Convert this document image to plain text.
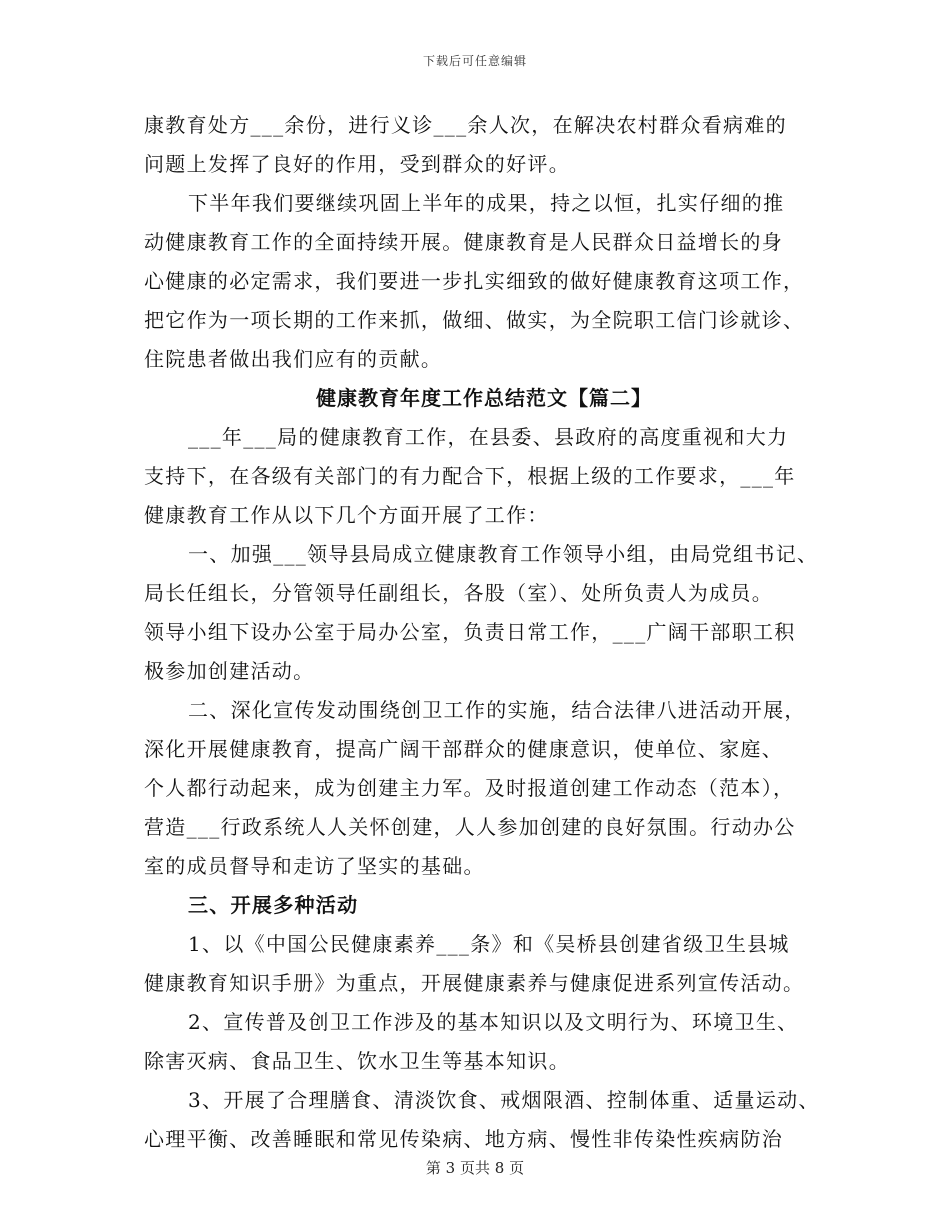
下载后可任意编辑
康教育处方___余份，进行义诊___余人次，在解决农村群众看病难的
问题上发挥了良好的作用，受到群众的好评。
下半年我们要继续巩固上半年的成果，持之以恒，扎实仔细的推
动健康教育工作的全面持续开展。健康教育是人民群众日益增长的身
心健康的必定需求，我们要进一步扎实细致的做好健康教育这项工作，
把它作为一项长期的工作来抓，做细、做实，为全院职工信门诊就诊、
住院患者做出我们应有的贡献。
健康教育年度工作总结范文【篇二】
___年___局的健康教育工作，在县委、县政府的高度重视和大力
支持下，在各级有关部门的有力配合下，根据上级的工作要求，___年
健康教育工作从以下几个方面开展了工作：
一、加强___领导县局成立健康教育工作领导小组，由局党组书记、
局长任组长，分管领导任副组长，各股（室）、处所负责人为成员。
领导小组下设办公室于局办公室，负责日常工作，___广阔干部职工积
极参加创建活动。
二、深化宣传发动围绕创卫工作的实施，结合法律八进活动开展，
深化开展健康教育，提高广阔干部群众的健康意识，使单位、家庭、
个人都行动起来，成为创建主力军。及时报道创建工作动态（范本），
营造___行政系统人人关怀创建，人人参加创建的良好氛围。行动办公
室的成员督导和走访了坚实的基础。
三、开展多种活动
1、以《中国公民健康素养___条》和《吴桥县创建省级卫生县城
健康教育知识手册》为重点，开展健康素养与健康促进系列宣传活动。
2、宣传普及创卫工作涉及的基本知识以及文明行为、环境卫生、
除害灭病、食品卫生、饮水卫生等基本知识。
3、开展了合理膳食、清淡饮食、戒烟限酒、控制体重、适量运动、
心理平衡、改善睡眠和常见传染病、地方病、慢性非传染性疾病防治
第 3 页共 8 页
